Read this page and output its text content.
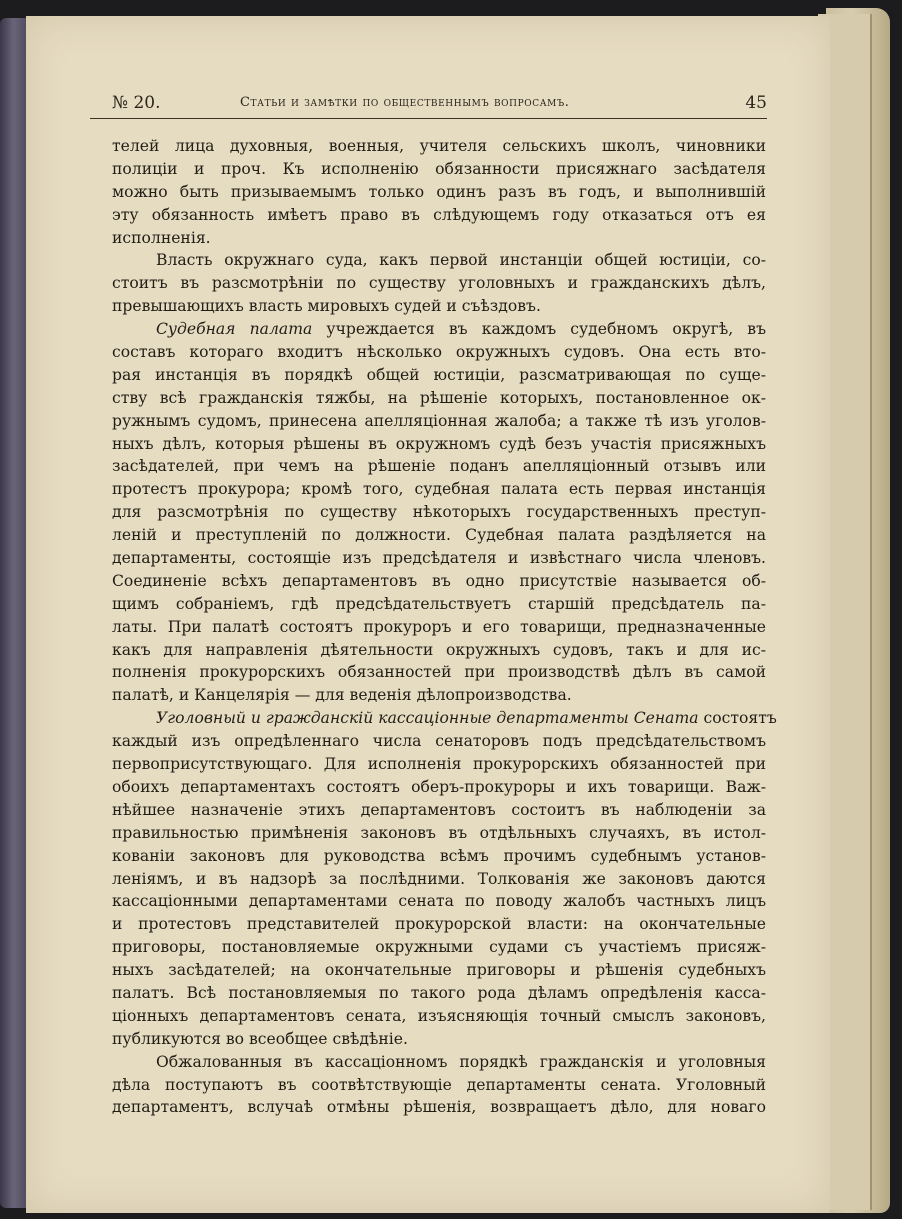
№ 20.	Статьи и замѣтки по общественнымъ вопросамъ.	45

телей лица духовныя, военныя, учителя сельскихъ школъ, чиновники
полиціи и проч. Къ исполненію обязанности присяжнаго засѣдателя
можно быть призываемымъ только одинъ разъ въ годъ, и выполнившій
эту обязанность имѣетъ право въ слѣдующемъ году отказаться отъ ея
исполненія.

Власть окружнаго суда, какъ первой инстанціи общей юстиціи, со-
стоитъ въ разсмотрѣніи по существу уголовныхъ и гражданскихъ дѣлъ,
превышающихъ власть мировыхъ судей и съѣздовъ.

Судебная палата учреждается въ каждомъ судебномъ округѣ, въ
составъ котораго входитъ нѣсколько окружныхъ судовъ. Она есть вто-
рая инстанція въ порядкѣ общей юстиціи, разсматривающая по суще-
ству всѣ гражданскія тяжбы, на рѣшеніе которыхъ, постановленное ок-
ружнымъ судомъ, принесена апелляціонная жалоба; а также тѣ изъ уголов-
ныхъ дѣлъ, которыя рѣшены въ окружномъ судѣ безъ участія присяжныхъ
засѣдателей, при чемъ на рѣшеніе поданъ апелляціонный отзывъ или
протестъ прокурора; кромѣ того, судебная палата есть первая инстанція
для разсмотрѣнія по существу нѣкоторыхъ государственныхъ преступ-
леній и преступленій по должности. Судебная палата раздѣляется на
департаменты, состоящіе изъ предсѣдателя и извѣстнаго числа членовъ.
Соединеніе всѣхъ департаментовъ въ одно присутствіе называется об-
щимъ собраніемъ, гдѣ предсѣдательствуетъ старшій предсѣдатель па-
латы. При палатѣ состоятъ прокуроръ и его товарищи, предназначенные
какъ для направленія дѣятельности окружныхъ судовъ, такъ и для ис-
полненія прокурорскихъ обязанностей при производствѣ дѣлъ въ самой
палатѣ, и Канцелярія — для веденія дѣлопроизводства.

Уголовный и гражданскій кассаціонные департаменты Сената состоятъ
каждый изъ опредѣленнаго числа сенаторовъ подъ предсѣдательствомъ
первоприсутствующаго. Для исполненія прокурорскихъ обязанностей при
обоихъ департаментахъ состоятъ оберъ-прокуроры и ихъ товарищи. Важ-
нѣйшее назначеніе этихъ департаментовъ состоитъ въ наблюденіи за
правильностью примѣненія законовъ въ отдѣльныхъ случаяхъ, въ истол-
кованіи законовъ для руководства всѣмъ прочимъ судебнымъ установ-
леніямъ, и въ надзорѣ за послѣдними. Толкованія же законовъ даются
кассаціонными департаментами сената по поводу жалобъ частныхъ лицъ
и протестовъ представителей прокурорской власти: на окончательные
приговоры, постановляемые окружными судами съ участіемъ присяж-
ныхъ засѣдателей; на окончательные приговоры и рѣшенія судебныхъ
палатъ. Всѣ постановляемыя по такого рода дѣламъ опредѣленія касса-
ціонныхъ департаментовъ сената, изъясняющія точный смыслъ законовъ,
публикуются во всеобщее свѣдѣніе.

Обжалованныя въ кассаціонномъ порядкѣ гражданскія и уголовныя
дѣла поступаютъ въ соотвѣтствующіе департаменты сената. Уголовный
департаментъ, вслучаѣ отмѣны рѣшенія, возвращаетъ дѣло, для новаго
